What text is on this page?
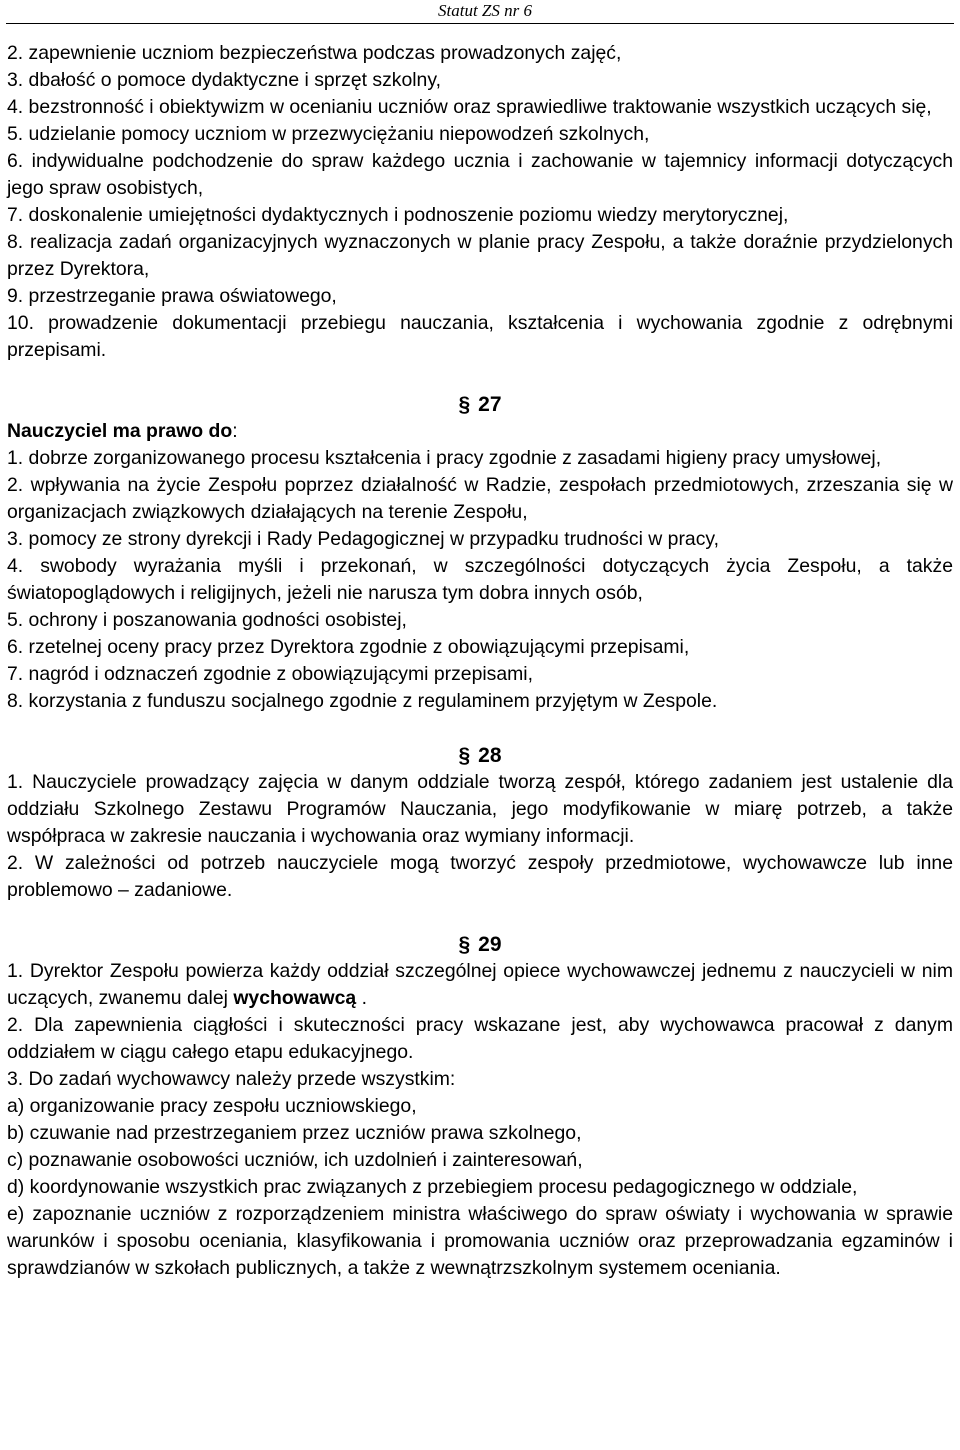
Statut ZS nr 6

2. zapewnienie uczniom bezpieczeństwa podczas prowadzonych zajęć,

3. dbałość o pomoce dydaktyczne i sprzęt szkolny,

4. bezstronność i obiektywizm w ocenianiu uczniów oraz sprawiedliwe traktowanie wszystkich uczących się,

5. udzielanie pomocy uczniom w przezwyciężaniu niepowodzeń szkolnych,

6. indywidualne podchodzenie do spraw każdego ucznia i zachowanie w tajemnicy informacji dotyczących jego spraw osobistych,

7. doskonalenie umiejętności dydaktycznych i podnoszenie poziomu wiedzy merytorycznej,

8. realizacja zadań organizacyjnych wyznaczonych w planie pracy Zespołu, a także doraźnie przydzielonych przez Dyrektora,

9. przestrzeganie prawa oświatowego,

10. prowadzenie dokumentacji przebiegu nauczania, kształcenia i wychowania zgodnie z odrębnymi przepisami.

§ 27

Nauczyciel ma prawo do:

1. dobrze zorganizowanego procesu kształcenia i pracy zgodnie z zasadami higieny pracy umysłowej,

2. wpływania na życie Zespołu poprzez działalność w Radzie, zespołach przedmiotowych, zrzeszania się w organizacjach związkowych działających na terenie Zespołu,

3. pomocy ze strony dyrekcji i Rady Pedagogicznej w przypadku trudności w pracy,

4. swobody wyrażania myśli i przekonań, w szczególności dotyczących życia Zespołu, a także światopoglądowych i religijnych, jeżeli nie narusza tym dobra innych osób,

5. ochrony i poszanowania godności osobistej,

6. rzetelnej oceny pracy przez Dyrektora zgodnie z obowiązującymi przepisami,

7. nagród i odznaczeń zgodnie z obowiązującymi przepisami,

8. korzystania z funduszu socjalnego zgodnie z regulaminem przyjętym w Zespole.

§ 28

1. Nauczyciele prowadzący zajęcia w danym oddziale tworzą zespół, którego zadaniem jest ustalenie dla oddziału Szkolnego Zestawu Programów Nauczania, jego modyfikowanie w miarę potrzeb, a także współpraca w zakresie nauczania i wychowania oraz wymiany informacji.

2. W zależności od potrzeb nauczyciele mogą tworzyć zespoły przedmiotowe, wychowawcze lub inne problemowo – zadaniowe.

§ 29

1. Dyrektor Zespołu powierza każdy oddział szczególnej opiece wychowawczej jednemu z nauczycieli w nim uczących, zwanemu dalej wychowawcą .

2. Dla zapewnienia ciągłości i skuteczności pracy wskazane jest, aby wychowawca pracował z danym oddziałem w ciągu całego etapu edukacyjnego.

3. Do zadań wychowawcy należy przede wszystkim:

a) organizowanie pracy zespołu uczniowskiego,

b) czuwanie nad przestrzeganiem przez uczniów prawa szkolnego,

c) poznawanie osobowości uczniów, ich uzdolnień i zainteresowań,

d) koordynowanie wszystkich prac związanych z przebiegiem procesu pedagogicznego w oddziale,

e) zapoznanie uczniów z rozporządzeniem ministra właściwego do spraw oświaty i wychowania w sprawie warunków i sposobu oceniania, klasyfikowania i promowania uczniów oraz przeprowadzania egzaminów i sprawdzianów w szkołach publicznych, a także z wewnątrzszkolnym systemem oceniania.
